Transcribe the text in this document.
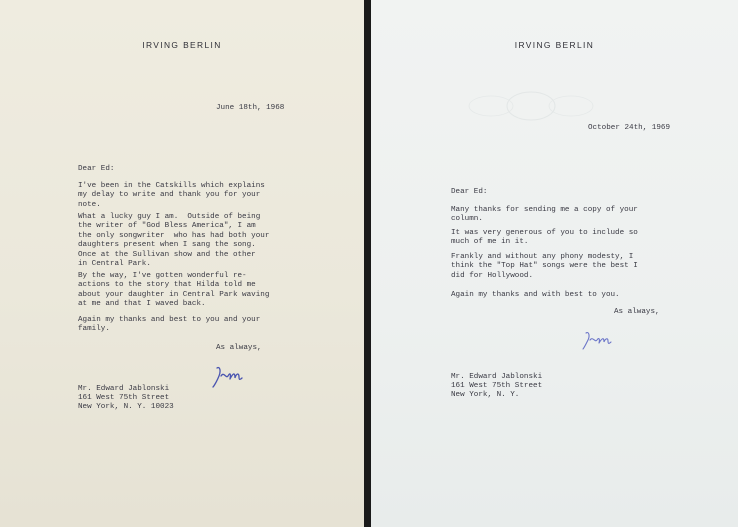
IRVING BERLIN
June 18th, 1968
Dear Ed:
I've been in the Catskills which explains
my delay to write and thank you for your
note.
What a lucky guy I am.  Outside of being
the writer of "God Bless America", I am
the only songwriter  who has had both your
daughters present when I sang the song.
Once at the Sullivan show and the other
in Central Park.
By the way, I've gotten wonderful re-
actions to the story that Hilda told me
about your daughter in Central Park waving
at me and that I waved back.
Again my thanks and best to you and your
family.
As always,
Mr. Edward Jablonski
161 West 75th Street
New York, N. Y. 10023
IRVING BERLIN
October 24th, 1969
Dear Ed:
Many thanks for sending me a copy of your
column.
It was very generous of you to include so
much of me in it.
Frankly and without any phony modesty, I
think the "Top Hat" songs were the best I
did for Hollywood.
Again my thanks and with best to you.
As always,
Mr. Edward Jablonski
161 West 75th Street
New York, N. Y.
